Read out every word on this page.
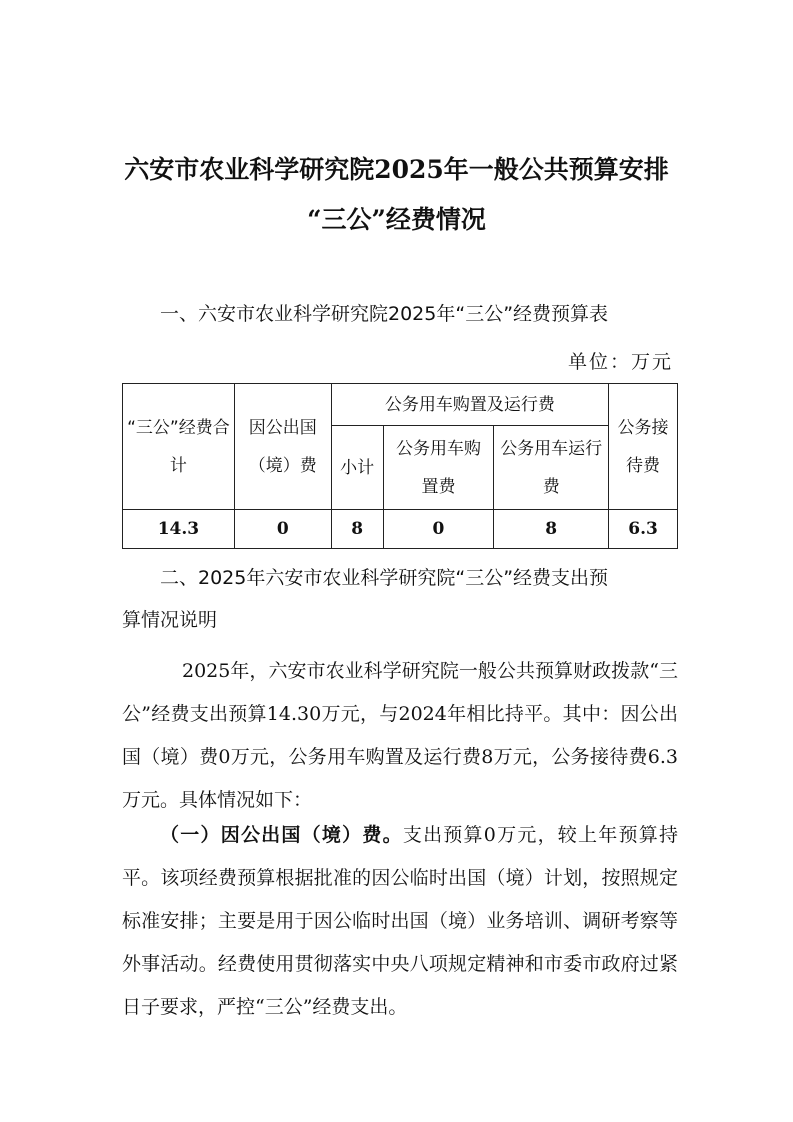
六安市农业科学研究院2025年一般公共预算安排
“三公”经费情况
一、六安市农业科学研究院2025年“三公”经费预算表
单位：万元
“三公”经费合计	因公出国（境）费	公务用车购置及运行费			公务接待费
		小计	公务用车购置费	公务用车运行费	
14.3	0	8	0	8	6.3
二、2025年六安市农业科学研究院“三公”经费支出预
算情况说明

2025年，六安市农业科学研究院一般公共预算财政拨款“三公”经费支出预算14.30万元，与2024年相比持平。其中：因公出国（境）费0万元，公务用车购置及运行费8万元，公务接待费6.3万元。具体情况如下：

（一）因公出国（境）费。支出预算0万元，较上年预算持平。该项经费预算根据批准的因公临时出国（境）计划，按照规定标准安排；主要是用于因公临时出国（境）业务培训、调研考察等外事活动。经费使用贯彻落实中央八项规定精神和市委市政府过紧日子要求，严控“三公”经费支出。
